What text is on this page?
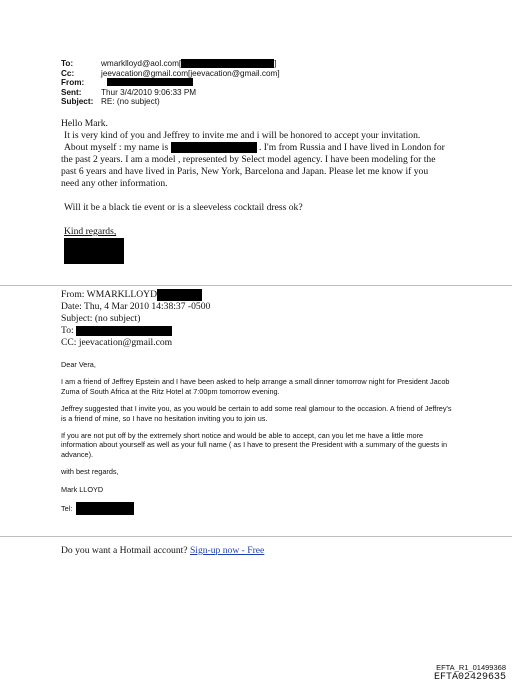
To:	wmarklloyd@aol.com[	]
Cc:	jeevacation@gmail.com[jeevacation@gmail.com]
From:
Sent:	Thur 3/4/2010 9:06:33 PM
Subject: RE: (no subject)

Hello Mark.

It is very kind of you and Jeffrey to invite me and i will be honored to accept your invitation.

About myself : my name is	. I'm from Russia and I have lived in London for

the past 2 years. I am a model , represented by Select model agency. I have been modeling for the

past 6 years and have lived in Paris, New York, Barcelona and Japan. Please let me know if you

need any other information.

Will it be a black tie event or is a sleeveless cocktail dress ok?

Kind regards,

From: WMARKLLOYD
Date: Thu, 4 Mar 2010 14:38:37 -0500
Subject: (no subject)
To:
CC: jeevacation@gmail.com

Dear Vera,

I am a friend of Jeffrey Epstein and I have been asked to help arrange a small dinner tomorrow night for President Jacob Zuma of South Africa at the Ritz Hotel at 7:00pm tomorrow evening.

Jeffrey suggested that I invite you, as you would be certain to add some real glamour to the occasion. A friend of Jeffrey's is a friend of mine, so I have no hesitation inviting you to join us.

If you are not put off by the extremely short notice and would be able to accept, can you let me have a little more information about yourself as well as your full name ( as I have to present the President with a summary of the guests in advance).

with best regards,

Mark LLOYD

Tel:

Do you want a Hotmail account? Sign-up now - Free
EFTA_R1_01499368
EFTA02429635
